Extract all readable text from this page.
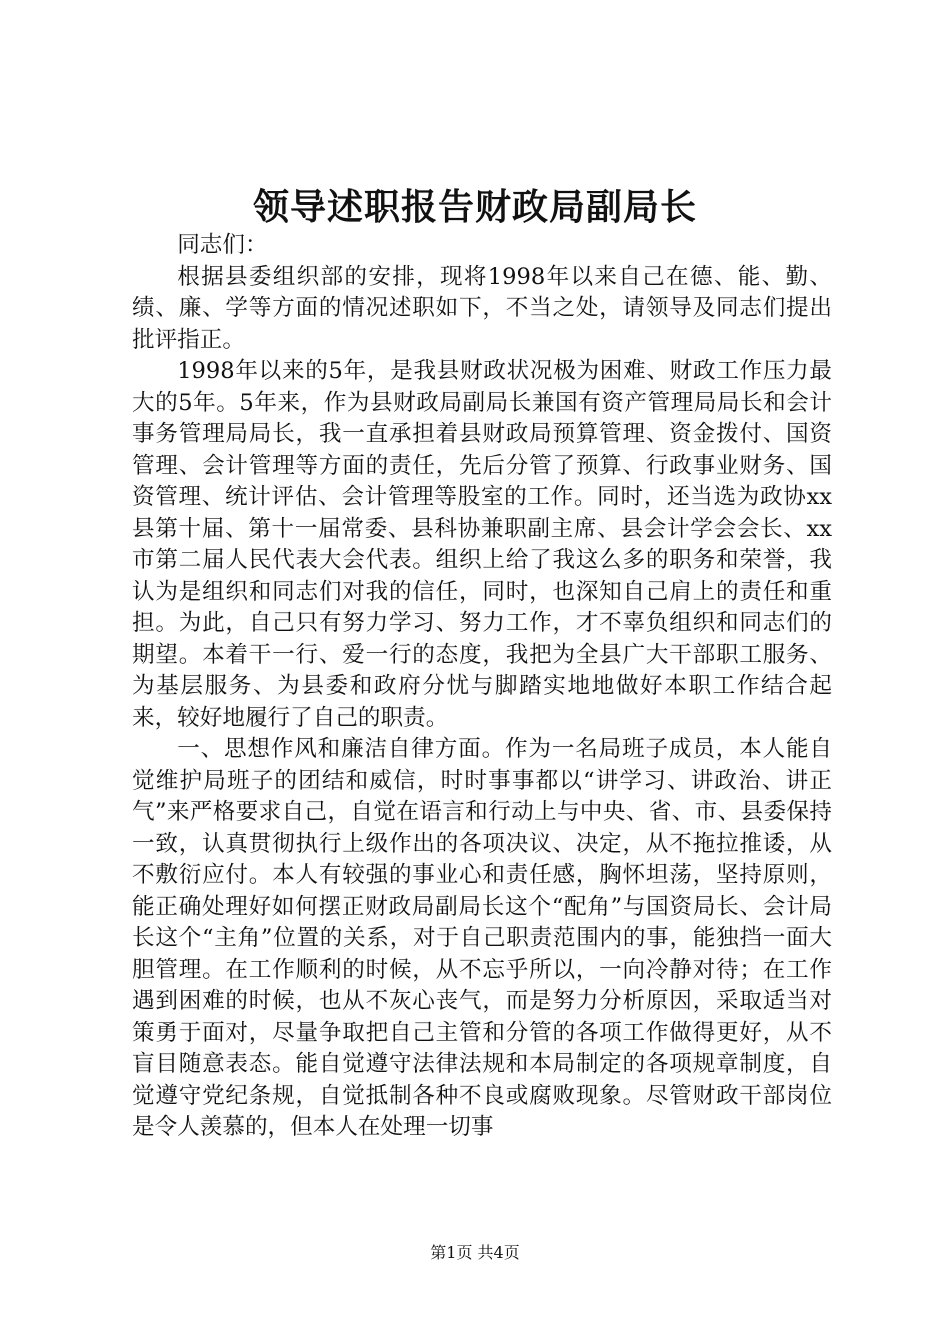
领导述职报告财政局副局长

同志们：

根据县委组织部的安排，现将1998年以来自己在德、能、勤、绩、廉、学等方面的情况述职如下，不当之处，请领导及同志们提出批评指正。

1998年以来的5年，是我县财政状况极为困难、财政工作压力最大的5年。5年来，作为县财政局副局长兼国有资产管理局局长和会计事务管理局局长，我一直承担着县财政局预算管理、资金拨付、国资管理、会计管理等方面的责任，先后分管了预算、行政事业财务、国资管理、统计评估、会计管理等股室的工作。同时，还当选为政协xx县第十届、第十一届常委、县科协兼职副主席、县会计学会会长、xx市第二届人民代表大会代表。组织上给了我这么多的职务和荣誉，我认为是组织和同志们对我的信任，同时，也深知自己肩上的责任和重担。为此，自己只有努力学习、努力工作，才不辜负组织和同志们的期望。本着干一行、爱一行的态度，我把为全县广大干部职工服务、为基层服务、为县委和政府分忧与脚踏实地地做好本职工作结合起来，较好地履行了自己的职责。

一、思想作风和廉洁自律方面。作为一名局班子成员，本人能自觉维护局班子的团结和威信，时时事事都以“讲学习、讲政治、讲正气”来严格要求自己，自觉在语言和行动上与中央、省、市、县委保持一致，认真贯彻执行上级作出的各项决议、决定，从不拖拉推诿，从不敷衍应付。本人有较强的事业心和责任感，胸怀坦荡，坚持原则，能正确处理好如何摆正财政局副局长这个“配角”与国资局长、会计局长这个“主角”位置的关系，对于自己职责范围内的事，能独挡一面大胆管理。在工作顺利的时候，从不忘乎所以，一向冷静对待；在工作遇到困难的时候，也从不灰心丧气，而是努力分析原因，采取适当对策勇于面对，尽量争取把自己主管和分管的各项工作做得更好，从不盲目随意表态。能自觉遵守法律法规和本局制定的各项规章制度，自觉遵守党纪条规，自觉抵制各种不良或腐败现象。尽管财政干部岗位是令人羡慕的，但本人在处理一切事

第1页 共4页
